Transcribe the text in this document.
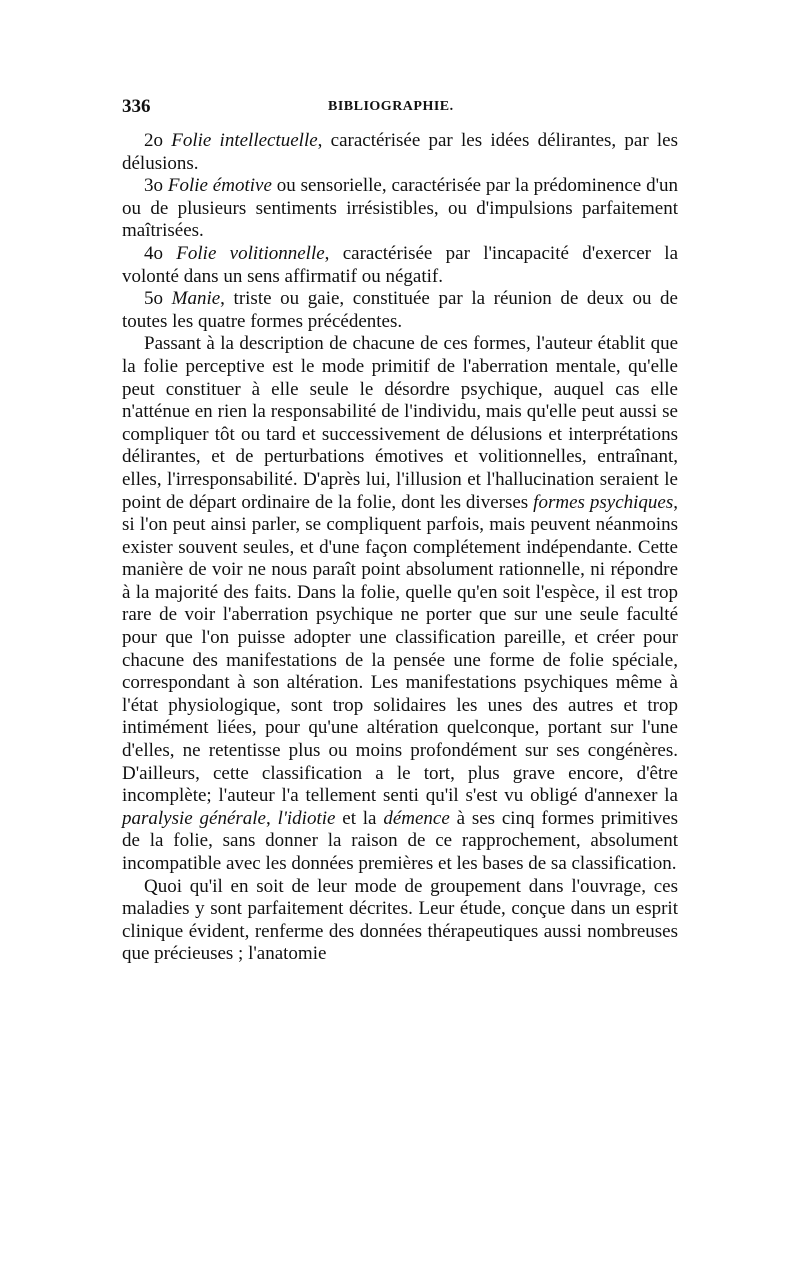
336	BIBLIOGRAPHIE.

2o Folie intellectuelle, caractérisée par les idées délirantes, par les délusions.

3o Folie émotive ou sensorielle, caractérisée par la prédominence d'un ou de plusieurs sentiments irrésistibles, ou d'impulsions parfaitement maîtrisées.

4o Folie volitionnelle, caractérisée par l'incapacité d'exercer la volonté dans un sens affirmatif ou négatif.

5o Manie, triste ou gaie, constituée par la réunion de deux ou de toutes les quatre formes précédentes.

Passant à la description de chacune de ces formes, l'auteur établit que la folie perceptive est le mode primitif de l'aberration mentale, qu'elle peut constituer à elle seule le désordre psychique, auquel cas elle n'atténue en rien la responsabilité de l'individu, mais qu'elle peut aussi se compliquer tôt ou tard et successivement de délusions et interprétations délirantes, et de perturbations émotives et volitionnelles, entraînant, elles, l'irresponsabilité. D'après lui, l'illusion et l'hallucination seraient le point de départ ordinaire de la folie, dont les diverses formes psychiques, si l'on peut ainsi parler, se compliquent parfois, mais peuvent néanmoins exister souvent seules, et d'une façon complétement indépendante. Cette manière de voir ne nous paraît point absolument rationnelle, ni répondre à la majorité des faits. Dans la folie, quelle qu'en soit l'espèce, il est trop rare de voir l'aberration psychique ne porter que sur une seule faculté pour que l'on puisse adopter une classification pareille, et créer pour chacune des manifestations de la pensée une forme de folie spéciale, correspondant à son altération. Les manifestations psychiques même à l'état physiologique, sont trop solidaires les unes des autres et trop intimément liées, pour qu'une altération quelconque, portant sur l'une d'elles, ne retentisse plus ou moins profondément sur ses congénères. D'ailleurs, cette classification a le tort, plus grave encore, d'être incomplète; l'auteur l'a tellement senti qu'il s'est vu obligé d'annexer la paralysie générale, l'idiotie et la démence à ses cinq formes primitives de la folie, sans donner la raison de ce rapprochement, absolument incompatible avec les données premières et les bases de sa classification.

Quoi qu'il en soit de leur mode de groupement dans l'ouvrage, ces maladies y sont parfaitement décrites. Leur étude, conçue dans un esprit clinique évident, renferme des données thérapeutiques aussi nombreuses que précieuses ; l'anatomie
